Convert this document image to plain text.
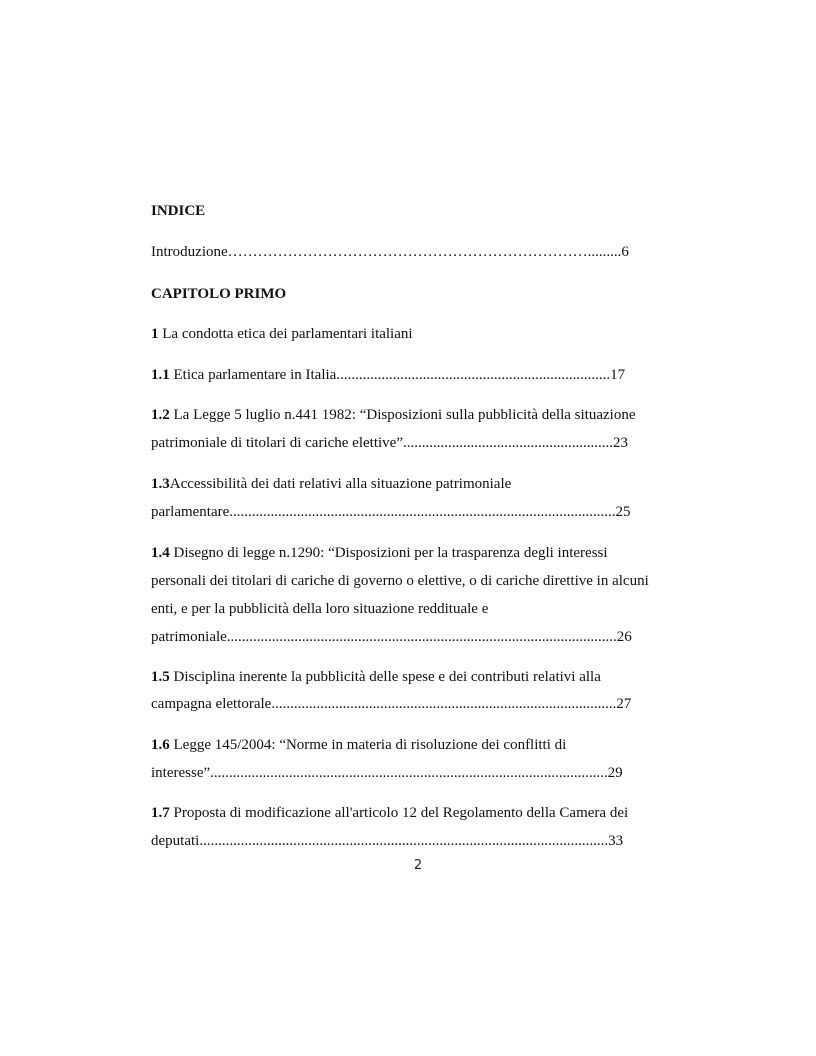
INDICE
Introduzione……………………………………………………………….........6
CAPITOLO PRIMO
1 La condotta etica dei parlamentari italiani
1.1 Etica parlamentare in Italia.........................................................................17
1.2 La Legge 5 luglio n.441 1982: “Disposizioni sulla pubblicità della situazione
patrimoniale di titolari di cariche elettive”........................................................23
1.3Accessibilità dei dati relativi alla situazione patrimoniale
parlamentare.......................................................................................................25
1.4 Disegno di legge n.1290: “Disposizioni per la trasparenza degli interessi
personali dei titolari di cariche di governo o elettive, o di cariche direttive in alcuni
enti, e per la pubblicità della loro situazione reddituale e
patrimoniale........................................................................................................26
1.5 Disciplina inerente la pubblicità delle spese e dei contributi relativi alla
campagna elettorale............................................................................................27
1.6 Legge 145/2004: “Norme in materia di risoluzione dei conflitti di
interesse”..........................................................................................................29
1.7 Proposta di modificazione all'articolo 12 del Regolamento della Camera dei
deputati.............................................................................................................33
2
